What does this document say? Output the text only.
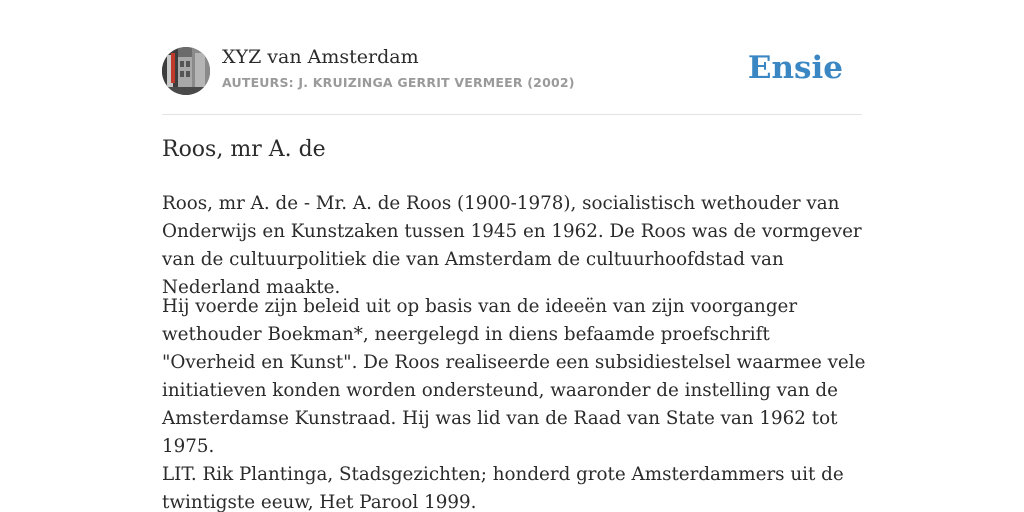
XYZ van Amsterdam
AUTEURS: J. KRUIZINGA GERRIT VERMEER (2002)	Ensie
Roos, mr A. de

Roos, mr A. de - Mr. A. de Roos (1900-1978), socialistisch wethouder van Onderwijs en Kunstzaken tussen 1945 en 1962. De Roos was de vormgever van de cultuurpolitiek die van Amsterdam de cultuurhoofdstad van Nederland maakte.

Hij voerde zijn beleid uit op basis van de ideeën van zijn voorganger wethouder Boekman*, neergelegd in diens befaamde proefschrift "Overheid en Kunst". De Roos realiseerde een subsidiestelsel waarmee vele initiatieven konden worden ondersteund, waaronder de instelling van de Amsterdamse Kunstraad. Hij was lid van de Raad van State van 1962 tot 1975.

LIT. Rik Plantinga, Stadsgezichten; honderd grote Amsterdammers uit de twintigste eeuw, Het Parool 1999.
